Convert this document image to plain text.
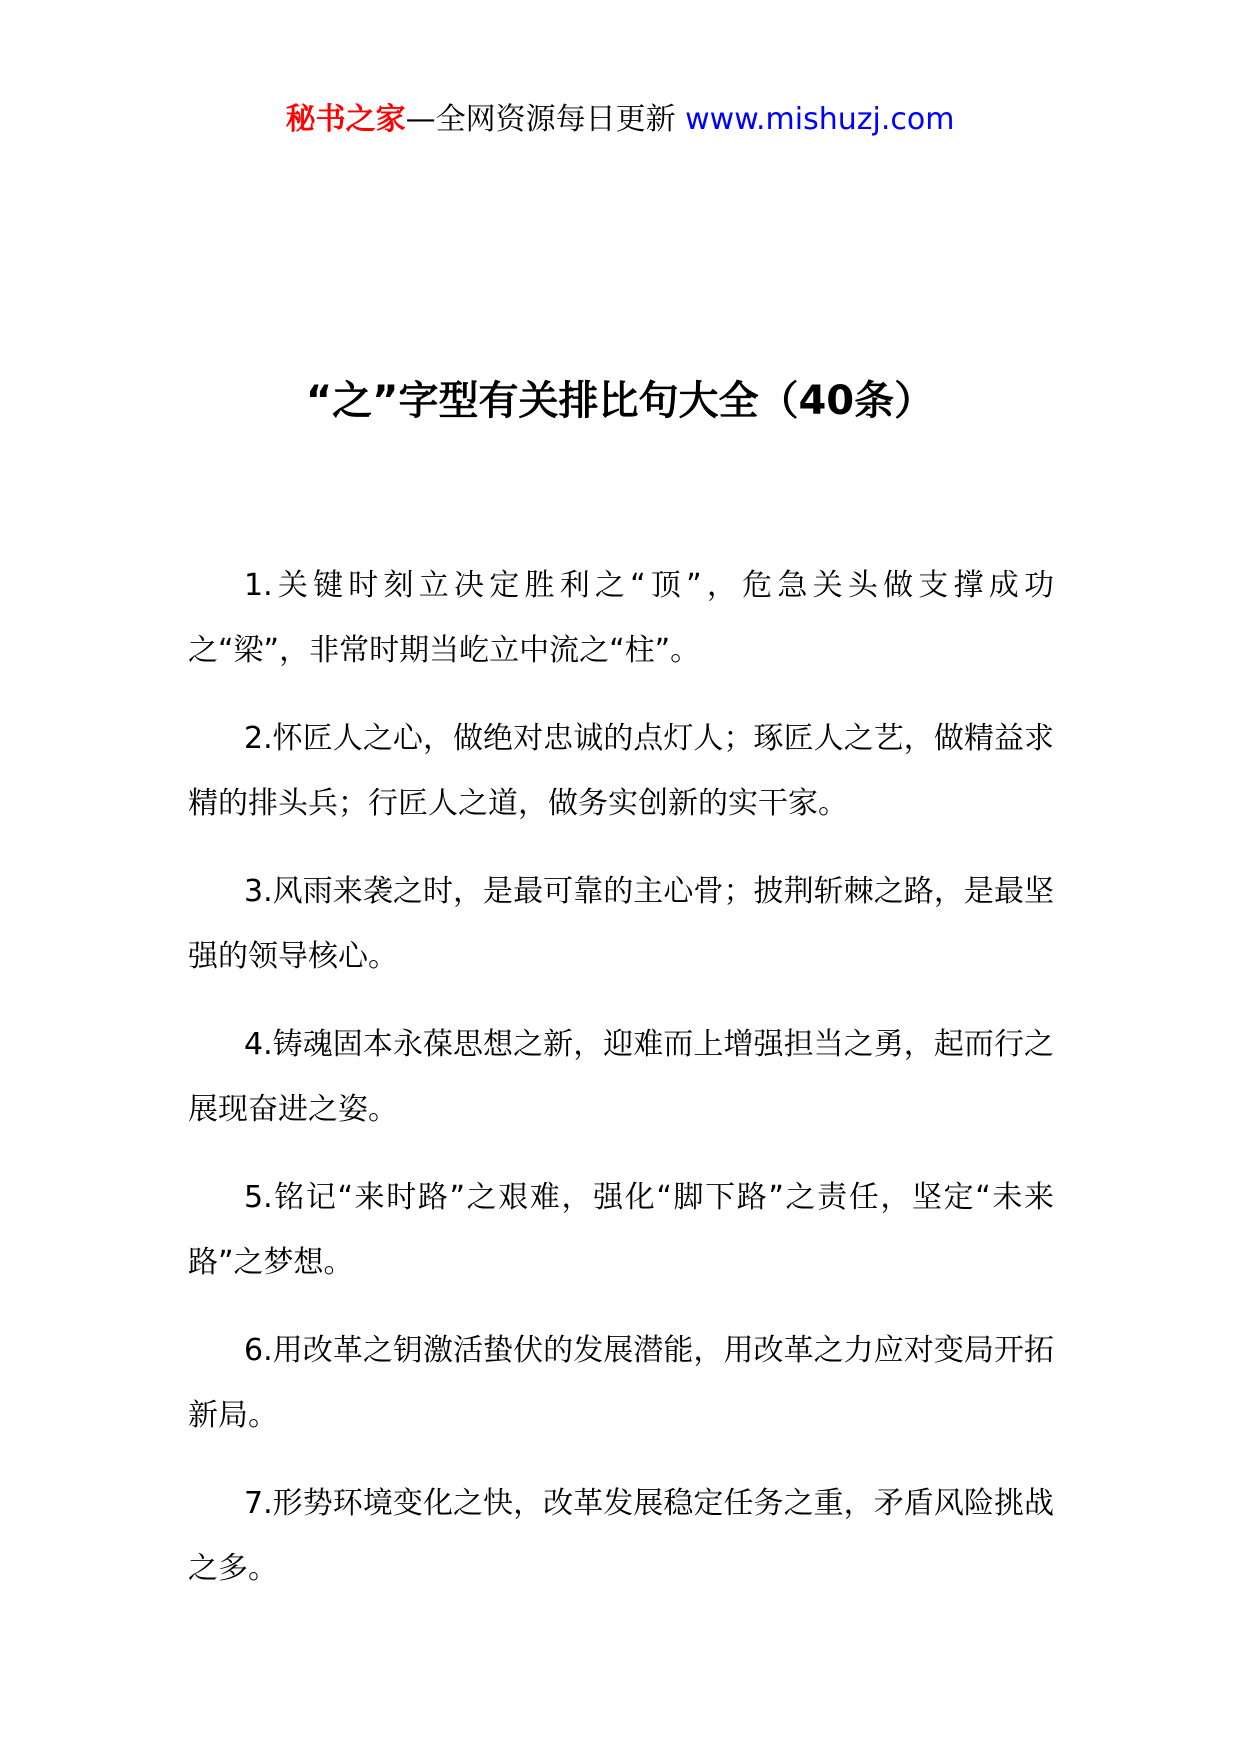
秘书之家—全网资源每日更新 www.mishuzj.com
“之”字型有关排比句大全（40条）

1.关键时刻立决定胜利之“顶”，危急关头做支撑成功之“梁”，非常时期当屹立中流之“柱”。

2.怀匠人之心，做绝对忠诚的点灯人；琢匠人之艺，做精益求精的排头兵；行匠人之道，做务实创新的实干家。

3.风雨来袭之时，是最可靠的主心骨；披荆斩棘之路，是最坚强的领导核心。

4.铸魂固本永葆思想之新，迎难而上增强担当之勇，起而行之展现奋进之姿。

5.铭记“来时路”之艰难，强化“脚下路”之责任，坚定“未来路”之梦想。

6.用改革之钥激活蛰伏的发展潜能，用改革之力应对变局开拓新局。

7.形势环境变化之快，改革发展稳定任务之重，矛盾风险挑战之多。
